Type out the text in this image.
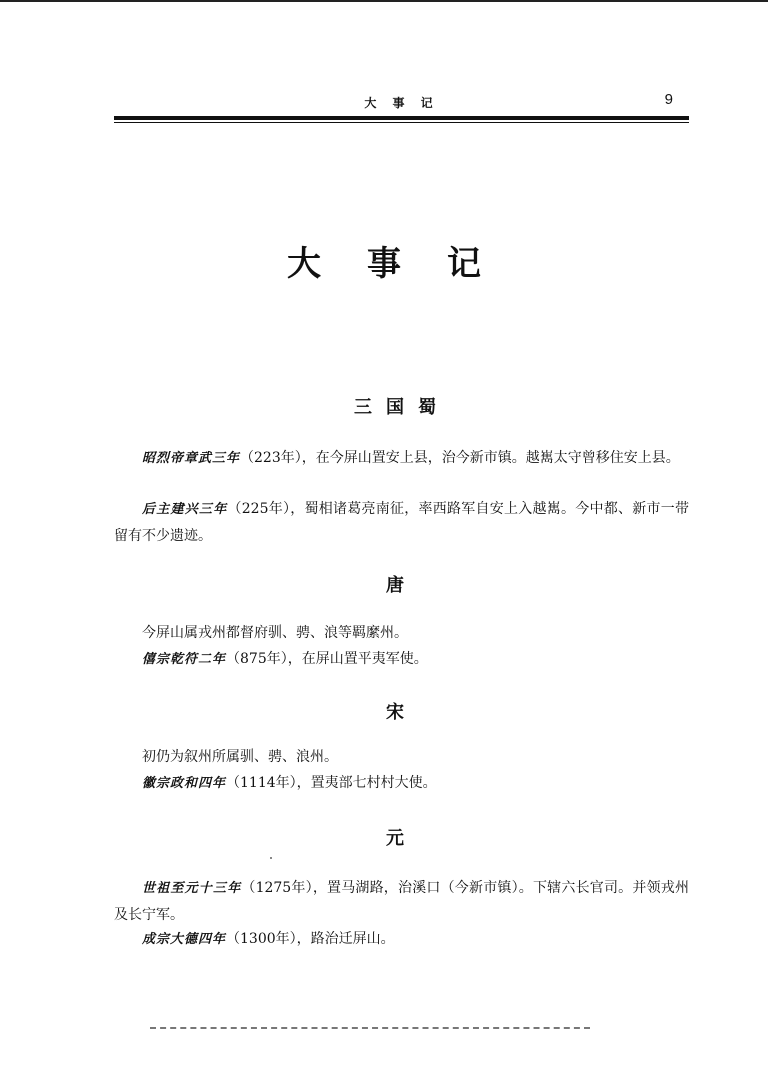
大 事 记	9
大事记
三国蜀

昭烈帝章武三年（223年），在今屏山置安上县，治今新市镇。越嶲太守曾移住安上县。

后主建兴三年（225年），蜀相诸葛亮南征，率西路军自安上入越嶲。今中都、新市一带留有不少遗迹。

唐

今屏山属戎州都督府驯、骋、浪等羁縻州。

僖宗乾符二年（875年），在屏山置平夷军使。

宋

初仍为叙州所属驯、骋、浪州。

徽宗政和四年（1114年），置夷部七村村大使。

元

世祖至元十三年（1275年），置马湖路，治溪口（今新市镇）。下辖六长官司。并领戎州及长宁军。

成宗大德四年（1300年），路治迁屏山。
